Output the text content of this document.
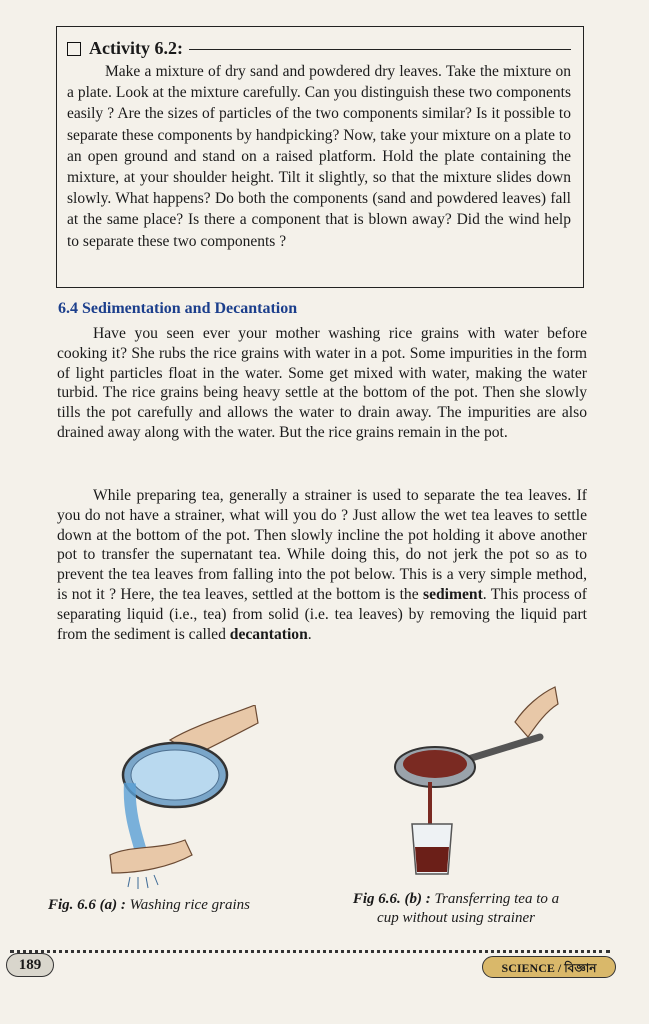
Activity 6.2:

Make a mixture of dry sand and powdered dry leaves. Take the mixture on a plate. Look at the mixture carefully. Can you distinguish these two components easily ? Are the sizes of particles of the two components similar? Is it possible to separate these components by handpicking? Now, take your mixture on a plate to an open ground and stand on a raised platform. Hold the plate containing the mixture, at your shoulder height. Tilt it slightly, so that the mixture slides down slowly. What happens? Do both the components (sand and powdered leaves) fall at the same place? Is there a component that is blown away? Did the wind help to separate these two components ?

6.4 Sedimentation and Decantation

Have you seen ever your mother washing rice grains with water before cooking it? She rubs the rice grains with water in a pot. Some impurities in the form of light particles float in the water. Some get mixed with water, making the water turbid. The rice grains being heavy settle at the bottom of the pot. Then she slowly tills the pot carefully and allows the water to drain away. The impurities are also drained away along with the water. But the rice grains remain in the pot.

While preparing tea, generally a strainer is used to separate the tea leaves. If you do not have a strainer, what will you do ? Just allow the wet tea leaves to settle down at the bottom of the pot. Then slowly incline the pot holding it above another pot to transfer the supernatant tea. While doing this, do not jerk the pot so as to prevent the tea leaves from falling into the pot below. This is a very simple method, is not it ? Here, the tea leaves, settled at the bottom is the sediment. This process of separating liquid (i.e., tea) from solid (i.e. tea leaves) by removing the liquid part from the sediment is called decantation.

Fig. 6.6 (a) : Washing rice grains	Fig 6.6. (b) : Transferring tea to a
cup without using strainer
189	SCIENCE / বিজ্ঞান
